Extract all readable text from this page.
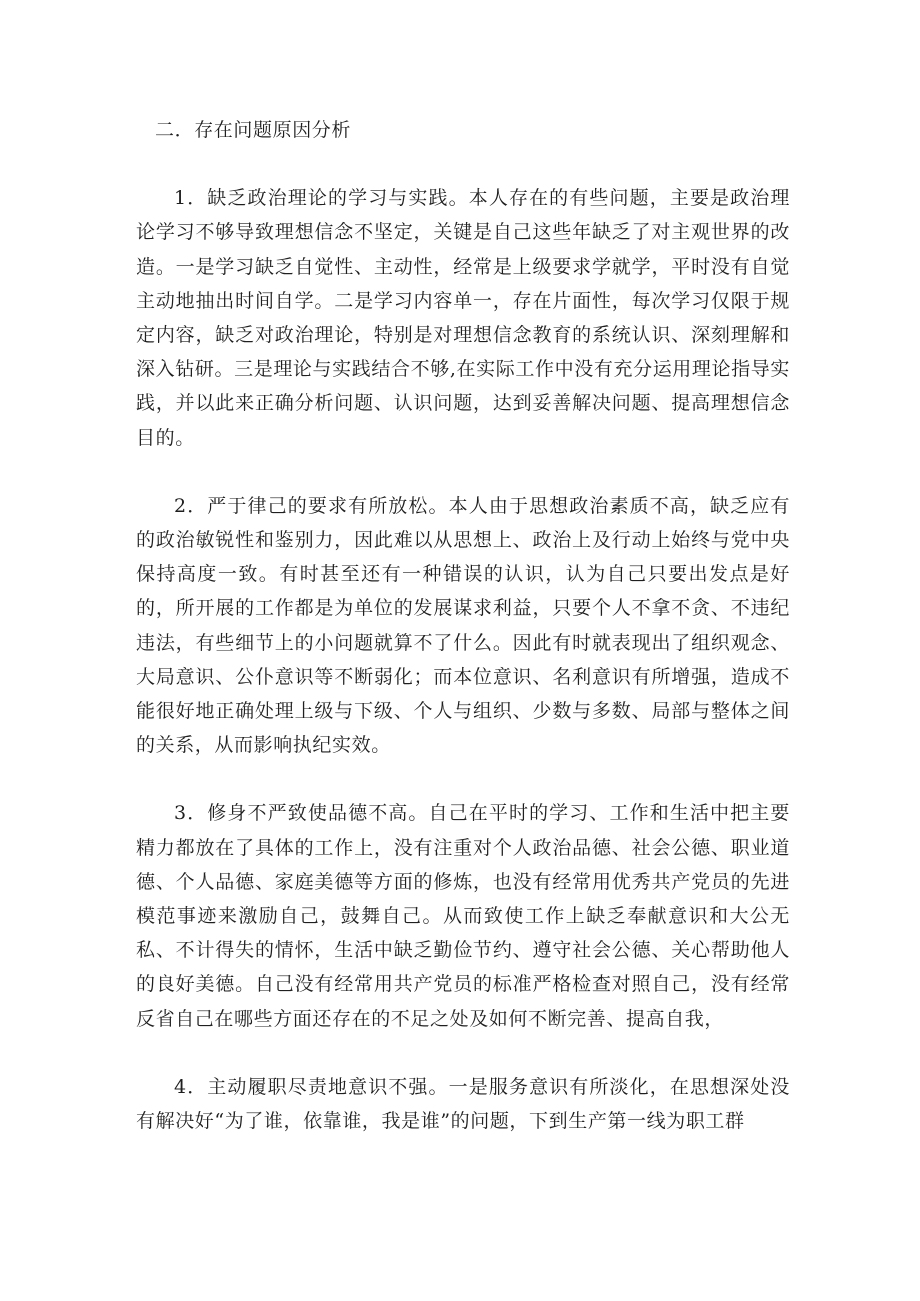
二．存在问题原因分析

1．缺乏政治理论的学习与实践。本人存在的有些问题，主要是政治理论学习不够导致理想信念不坚定，关键是自己这些年缺乏了对主观世界的改造。一是学习缺乏自觉性、主动性，经常是上级要求学就学，平时没有自觉主动地抽出时间自学。二是学习内容单一，存在片面性，每次学习仅限于规定内容，缺乏对政治理论，特别是对理想信念教育的系统认识、深刻理解和深入钻研。三是理论与实践结合不够,在实际工作中没有充分运用理论指导实践，并以此来正确分析问题、认识问题，达到妥善解决问题、提高理想信念目的。

2．严于律己的要求有所放松。本人由于思想政治素质不高，缺乏应有的政治敏锐性和鉴别力，因此难以从思想上、政治上及行动上始终与党中央保持高度一致。有时甚至还有一种错误的认识，认为自己只要出发点是好的，所开展的工作都是为单位的发展谋求利益，只要个人不拿不贪、不违纪违法，有些细节上的小问题就算不了什么。因此有时就表现出了组织观念、大局意识、公仆意识等不断弱化；而本位意识、名利意识有所增强，造成不能很好地正确处理上级与下级、个人与组织、少数与多数、局部与整体之间的关系，从而影响执纪实效。

3．修身不严致使品德不高。自己在平时的学习、工作和生活中把主要精力都放在了具体的工作上，没有注重对个人政治品德、社会公德、职业道德、个人品德、家庭美德等方面的修炼，也没有经常用优秀共产党员的先进模范事迹来激励自己，鼓舞自己。从而致使工作上缺乏奉献意识和大公无私、不计得失的情怀，生活中缺乏勤俭节约、遵守社会公德、关心帮助他人的良好美德。自己没有经常用共产党员的标准严格检查对照自己，没有经常反省自己在哪些方面还存在的不足之处及如何不断完善、提高自我，

4．主动履职尽责地意识不强。一是服务意识有所淡化，在思想深处没有解决好“为了谁，依靠谁，我是谁”的问题，下到生产第一线为职工群
